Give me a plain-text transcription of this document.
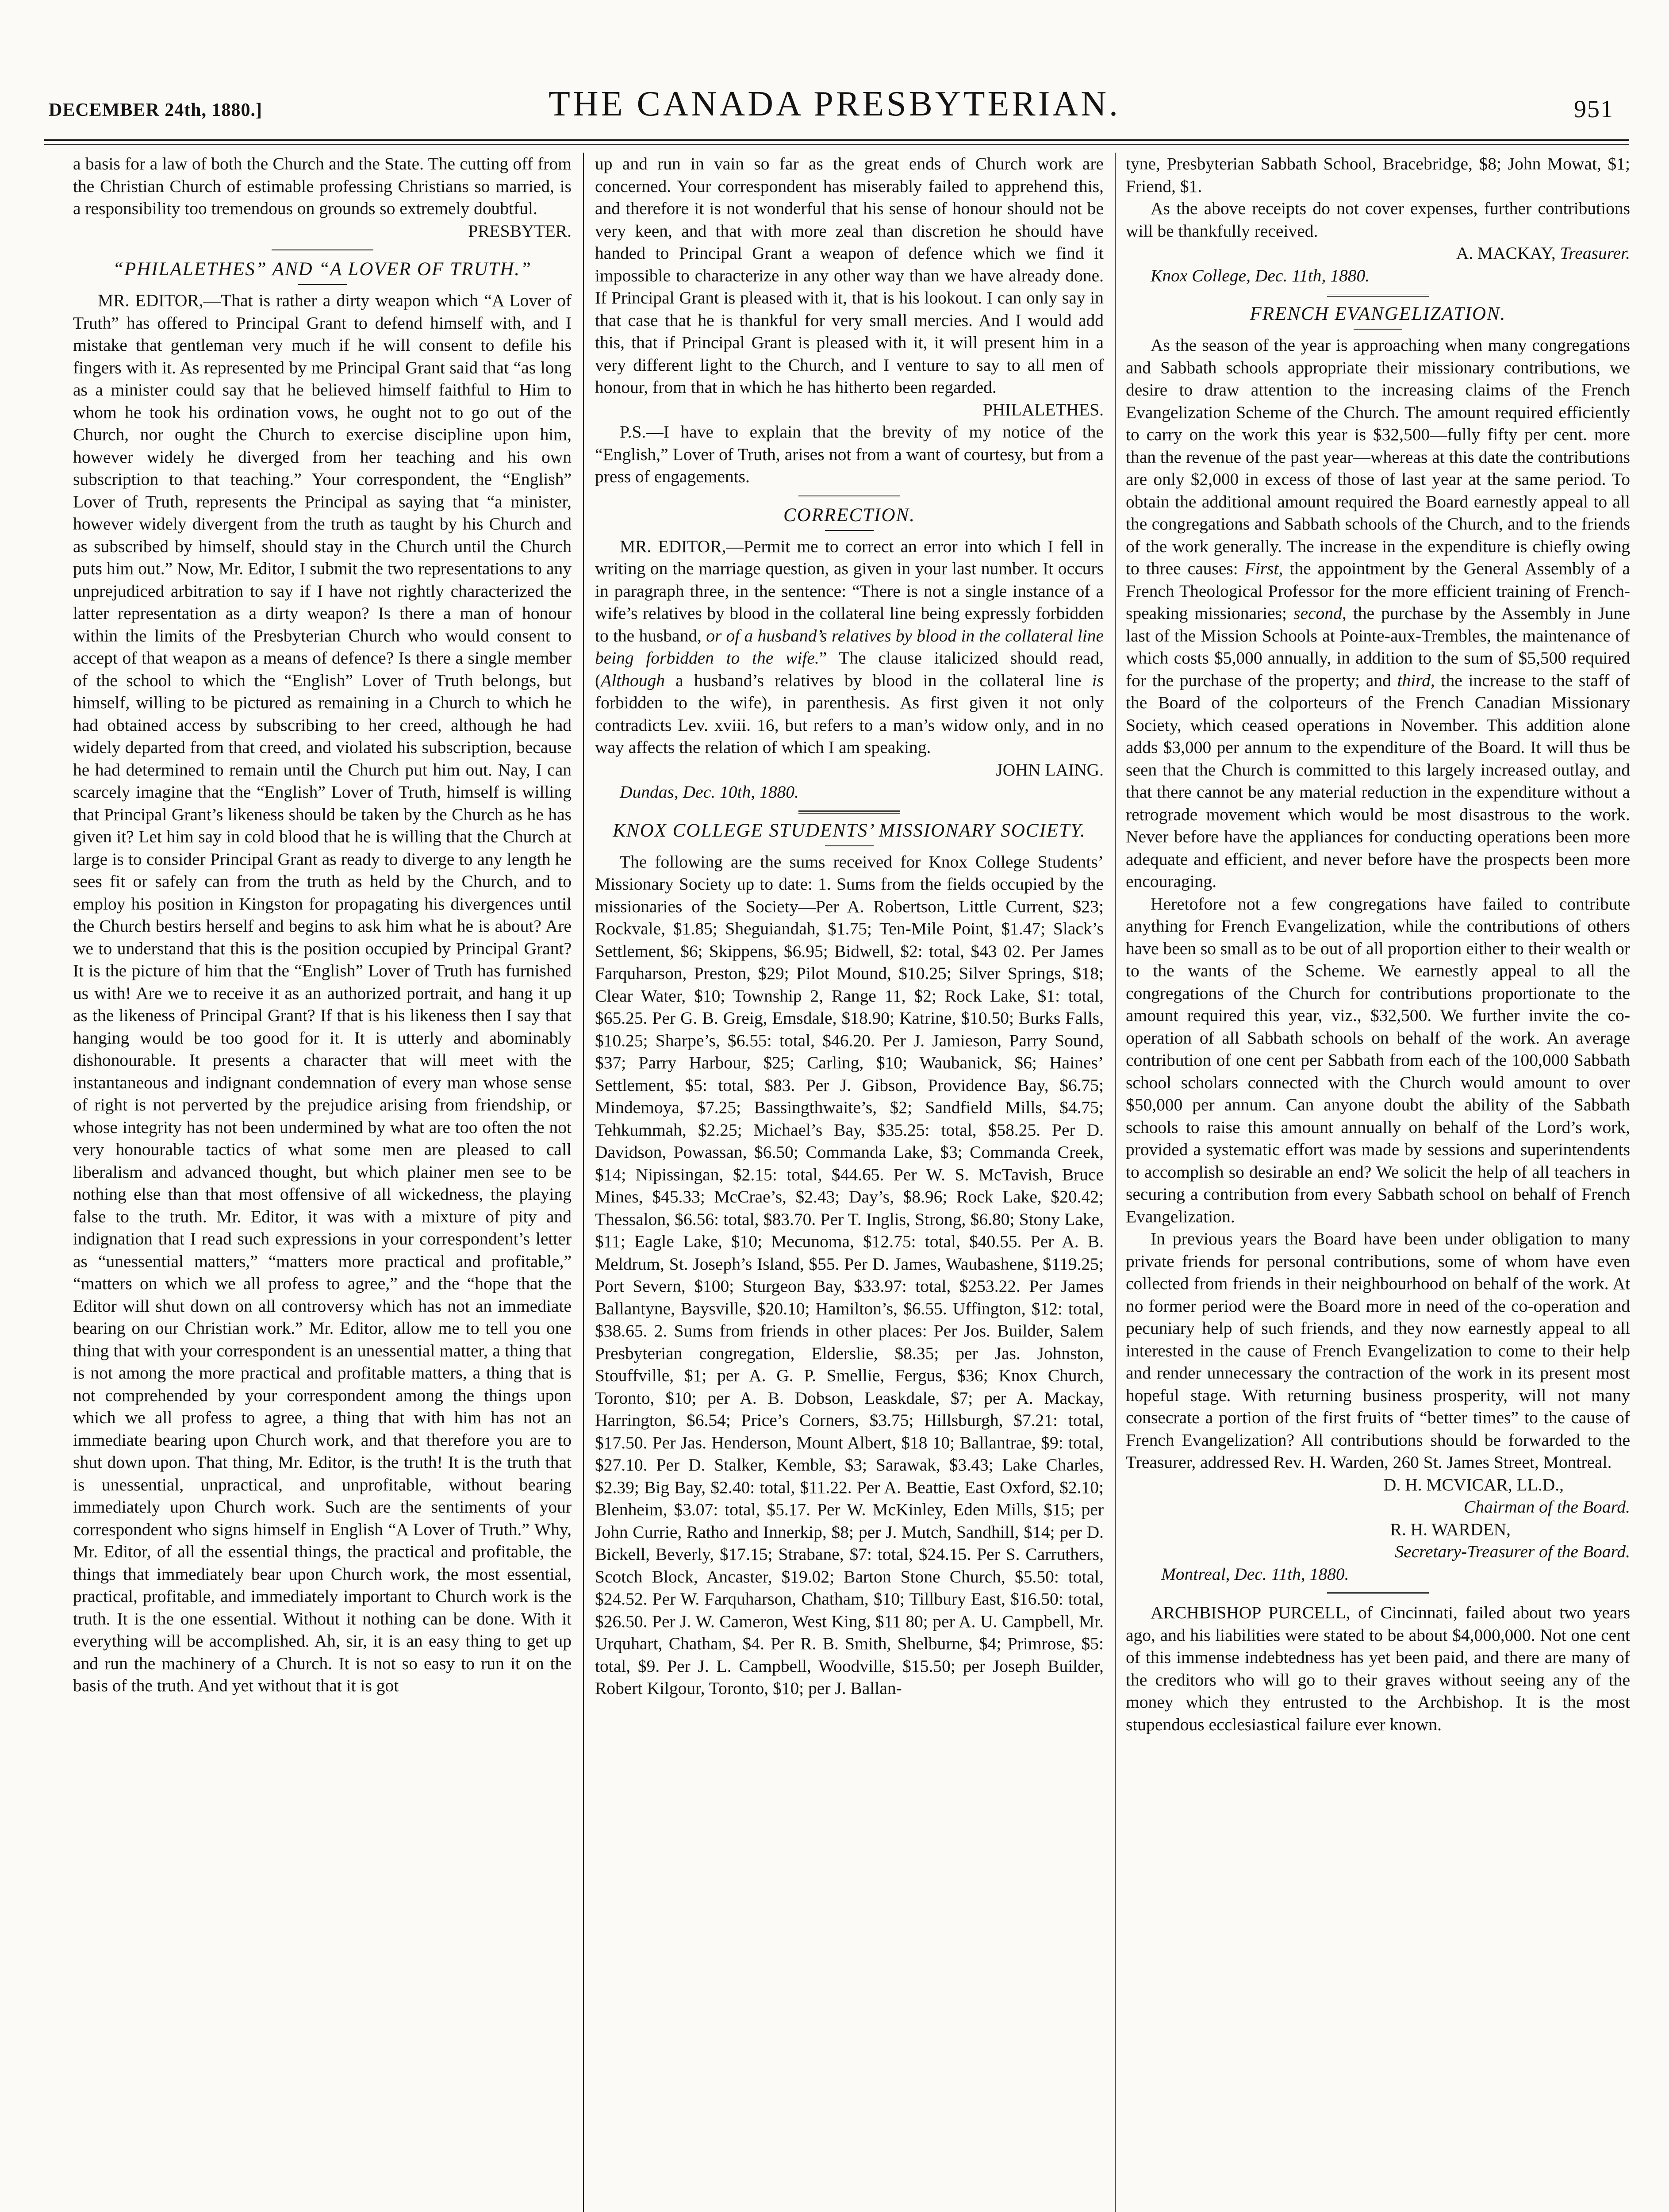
DECEMBER 24th, 1880.]	THE CANADA PRESBYTERIAN.	951

a basis for a law of both the Church and the State. The cutting off from the Christian Church of estimable professing Christians so married, is a responsibility too tremendous on grounds so extremely doubtful.

PRESBYTER.
“PHILALETHES” AND “A LOVER OF TRUTH.”

MR. EDITOR,—That is rather a dirty weapon which “A Lover of Truth” has offered to Principal Grant to defend himself with, and I mistake that gentleman very much if he will consent to defile his fingers with it. As represented by me Principal Grant said that “as long as a minister could say that he believed himself faithful to Him to whom he took his ordination vows, he ought not to go out of the Church, nor ought the Church to exercise discipline upon him, however widely he diverged from her teaching and his own subscription to that teaching.” Your correspondent, the “English” Lover of Truth, represents the Principal as saying that “a minister, however widely divergent from the truth as taught by his Church and as subscribed by himself, should stay in the Church until the Church puts him out.” Now, Mr. Editor, I submit the two representations to any unprejudiced arbitration to say if I have not rightly characterized the latter representation as a dirty weapon? Is there a man of honour within the limits of the Presbyterian Church who would consent to accept of that weapon as a means of defence? Is there a single member of the school to which the “English” Lover of Truth belongs, but himself, willing to be pictured as remaining in a Church to which he had obtained access by subscribing to her creed, although he had widely departed from that creed, and violated his subscription, because he had determined to remain until the Church put him out. Nay, I can scarcely imagine that the “English” Lover of Truth, himself is willing that Principal Grant’s likeness should be taken by the Church as he has given it? Let him say in cold blood that he is willing that the Church at large is to consider Principal Grant as ready to diverge to any length he sees fit or safely can from the truth as held by the Church, and to employ his position in Kingston for propagating his divergences until the Church bestirs herself and begins to ask him what he is about? Are we to understand that this is the position occupied by Principal Grant? It is the picture of him that the “English” Lover of Truth has furnished us with! Are we to receive it as an authorized portrait, and hang it up as the likeness of Principal Grant? If that is his likeness then I say that hanging would be too good for it. It is utterly and abominably dishonourable. It presents a character that will meet with the instantaneous and indignant condemnation of every man whose sense of right is not perverted by the prejudice arising from friendship, or whose integrity has not been undermined by what are too often the not very honourable tactics of what some men are pleased to call liberalism and advanced thought, but which plainer men see to be nothing else than that most offensive of all wickedness, the playing false to the truth. Mr. Editor, it was with a mixture of pity and indignation that I read such expressions in your correspondent’s letter as “unessential matters,” “matters more practical and profitable,” “matters on which we all profess to agree,” and the “hope that the Editor will shut down on all controversy which has not an immediate bearing on our Christian work.” Mr. Editor, allow me to tell you one thing that with your correspondent is an unessential matter, a thing that is not among the more practical and profitable matters, a thing that is not comprehended by your correspondent among the things upon which we all profess to agree, a thing that with him has not an immediate bearing upon Church work, and that therefore you are to shut down upon. That thing, Mr. Editor, is the truth! It is the truth that is unessential, unpractical, and unprofitable, without bearing immediately upon Church work. Such are the sentiments of your correspondent who signs himself in English “A Lover of Truth.” Why, Mr. Editor, of all the essential things, the practical and profitable, the things that immediately bear upon Church work, the most essential, practical, profitable, and immediately important to Church work is the truth. It is the one essential. Without it nothing can be done. With it everything will be accomplished. Ah, sir, it is an easy thing to get up and run the machinery of a Church. It is not so easy to run it on the basis of the truth. And yet without that it is got

up and run in vain so far as the great ends of Church work are concerned. Your correspondent has miserably failed to apprehend this, and therefore it is not wonderful that his sense of honour should not be very keen, and that with more zeal than discretion he should have handed to Principal Grant a weapon of defence which we find it impossible to characterize in any other way than we have already done. If Principal Grant is pleased with it, that is his lookout. I can only say in that case that he is thankful for very small mercies. And I would add this, that if Principal Grant is pleased with it, it will present him in a very different light to the Church, and I venture to say to all men of honour, from that in which he has hitherto been regarded.

PHILALETHES.

P.S.—I have to explain that the brevity of my notice of the “English,” Lover of Truth, arises not from a want of courtesy, but from a press of engagements.

CORRECTION.

MR. EDITOR,—Permit me to correct an error into which I fell in writing on the marriage question, as given in your last number. It occurs in paragraph three, in the sentence: “There is not a single instance of a wife’s relatives by blood in the collateral line being expressly forbidden to the husband, or of a husband’s relatives by blood in the collateral line being forbidden to the wife.” The clause italicized should read, (Although a husband’s relatives by blood in the collateral line is forbidden to the wife), in parenthesis. As first given it not only contradicts Lev. xviii. 16, but refers to a man’s widow only, and in no way affects the relation of which I am speaking.

JOHN LAING.
Dundas, Dec. 10th, 1880.
KNOX COLLEGE STUDENTS’ MISSIONARY SOCIETY.

The following are the sums received for Knox College Students’ Missionary Society up to date: 1. Sums from the fields occupied by the missionaries of the Society—Per A. Robertson, Little Current, $23; Rockvale, $1.85; Sheguiandah, $1.75; Ten-Mile Point, $1.47; Slack’s Settlement, $6; Skippens, $6.95; Bidwell, $2: total, $43 02. Per James Farquharson, Preston, $29; Pilot Mound, $10.25; Silver Springs, $18; Clear Water, $10; Township 2, Range 11, $2; Rock Lake, $1: total, $65.25. Per G. B. Greig, Emsdale, $18.90; Katrine, $10.50; Burks Falls, $10.25; Sharpe’s, $6.55: total, $46.20. Per J. Jamieson, Parry Sound, $37; Parry Harbour, $25; Carling, $10; Waubanick, $6; Haines’ Settlement, $5: total, $83. Per J. Gibson, Providence Bay, $6.75; Mindemoya, $7.25; Bassingthwaite’s, $2; Sandfield Mills, $4.75; Tehkummah, $2.25; Michael’s Bay, $35.25: total, $58.25. Per D. Davidson, Powassan, $6.50; Commanda Lake, $3; Commanda Creek, $14; Nipissingan, $2.15: total, $44.65. Per W. S. McTavish, Bruce Mines, $45.33; McCrae’s, $2.43; Day’s, $8.96; Rock Lake, $20.42; Thessalon, $6.56: total, $83.70. Per T. Inglis, Strong, $6.80; Stony Lake, $11; Eagle Lake, $10; Mecunoma, $12.75: total, $40.55. Per A. B. Meldrum, St. Joseph’s Island, $55. Per D. James, Waubashene, $119.25; Port Severn, $100; Sturgeon Bay, $33.97: total, $253.22. Per James Ballantyne, Baysville, $20.10; Hamilton’s, $6.55. Uffington, $12: total, $38.65. 2. Sums from friends in other places: Per Jos. Builder, Salem Presbyterian congregation, Elderslie, $8.35; per Jas. Johnston, Stouffville, $1; per A. G. P. Smellie, Fergus, $36; Knox Church, Toronto, $10; per A. B. Dobson, Leaskdale, $7; per A. Mackay, Harrington, $6.54; Price’s Corners, $3.75; Hillsburgh, $7.21: total, $17.50. Per Jas. Henderson, Mount Albert, $18 10; Ballantrae, $9: total, $27.10. Per D. Stalker, Kemble, $3; Sarawak, $3.43; Lake Charles, $2.39; Big Bay, $2.40: total, $11.22. Per A. Beattie, East Oxford, $2.10; Blenheim, $3.07: total, $5.17. Per W. McKinley, Eden Mills, $15; per John Currie, Ratho and Innerkip, $8; per J. Mutch, Sandhill, $14; per D. Bickell, Beverly, $17.15; Strabane, $7: total, $24.15. Per S. Carruthers, Scotch Block, Ancaster, $19.02; Barton Stone Church, $5.50: total, $24.52. Per W. Farquharson, Chatham, $10; Tillbury East, $16.50: total, $26.50. Per J. W. Cameron, West King, $11 80; per A. U. Campbell, Mr. Urquhart, Chatham, $4. Per R. B. Smith, Shelburne, $4; Primrose, $5: total, $9. Per J. L. Campbell, Woodville, $15.50; per Joseph Builder, Robert Kilgour, Toronto, $10; per J. Ballan-

tyne, Presbyterian Sabbath School, Bracebridge, $8; John Mowat, $1; Friend, $1.

As the above receipts do not cover expenses, further contributions will be thankfully received.

A. MACKAY, Treasurer.
Knox College, Dec. 11th, 1880.
FRENCH EVANGELIZATION.

As the season of the year is approaching when many congregations and Sabbath schools appropriate their missionary contributions, we desire to draw attention to the increasing claims of the French Evangelization Scheme of the Church. The amount required efficiently to carry on the work this year is $32,500—fully fifty per cent. more than the revenue of the past year—whereas at this date the contributions are only $2,000 in excess of those of last year at the same period. To obtain the additional amount required the Board earnestly appeal to all the congregations and Sabbath schools of the Church, and to the friends of the work generally. The increase in the expenditure is chiefly owing to three causes: First, the appointment by the General Assembly of a French Theological Professor for the more efficient training of French-speaking missionaries; second, the purchase by the Assembly in June last of the Mission Schools at Pointe-aux-Trembles, the maintenance of which costs $5,000 annually, in addition to the sum of $5,500 required for the purchase of the property; and third, the increase to the staff of the Board of the colporteurs of the French Canadian Missionary Society, which ceased operations in November. This addition alone adds $3,000 per annum to the expenditure of the Board. It will thus be seen that the Church is committed to this largely increased outlay, and that there cannot be any material reduction in the expenditure without a retrograde movement which would be most disastrous to the work. Never before have the appliances for conducting operations been more adequate and efficient, and never before have the prospects been more encouraging.

Heretofore not a few congregations have failed to contribute anything for French Evangelization, while the contributions of others have been so small as to be out of all proportion either to their wealth or to the wants of the Scheme. We earnestly appeal to all the congregations of the Church for contributions proportionate to the amount required this year, viz., $32,500. We further invite the co-operation of all Sabbath schools on behalf of the work. An average contribution of one cent per Sabbath from each of the 100,000 Sabbath school scholars connected with the Church would amount to over $50,000 per annum. Can anyone doubt the ability of the Sabbath schools to raise this amount annually on behalf of the Lord’s work, provided a systematic effort was made by sessions and superintendents to accomplish so desirable an end? We solicit the help of all teachers in securing a contribution from every Sabbath school on behalf of French Evangelization.

In previous years the Board have been under obligation to many private friends for personal contributions, some of whom have even collected from friends in their neighbourhood on behalf of the work. At no former period were the Board more in need of the co-operation and pecuniary help of such friends, and they now earnestly appeal to all interested in the cause of French Evangelization to come to their help and render unnecessary the contraction of the work in its present most hopeful stage. With returning business prosperity, will not many consecrate a portion of the first fruits of “better times” to the cause of French Evangelization? All contributions should be forwarded to the Treasurer, addressed Rev. H. Warden, 260 St. James Street, Montreal.

D. H. MCVICAR, LL.D.,
Chairman of the Board.
R. H. WARDEN,
Secretary-Treasurer of the Board.
Montreal, Dec. 11th, 1880.

ARCHBISHOP PURCELL, of Cincinnati, failed about two years ago, and his liabilities were stated to be about $4,000,000. Not one cent of this immense indebtedness has yet been paid, and there are many of the creditors who will go to their graves without seeing any of the money which they entrusted to the Archbishop. It is the most stupendous ecclesiastical failure ever known.
